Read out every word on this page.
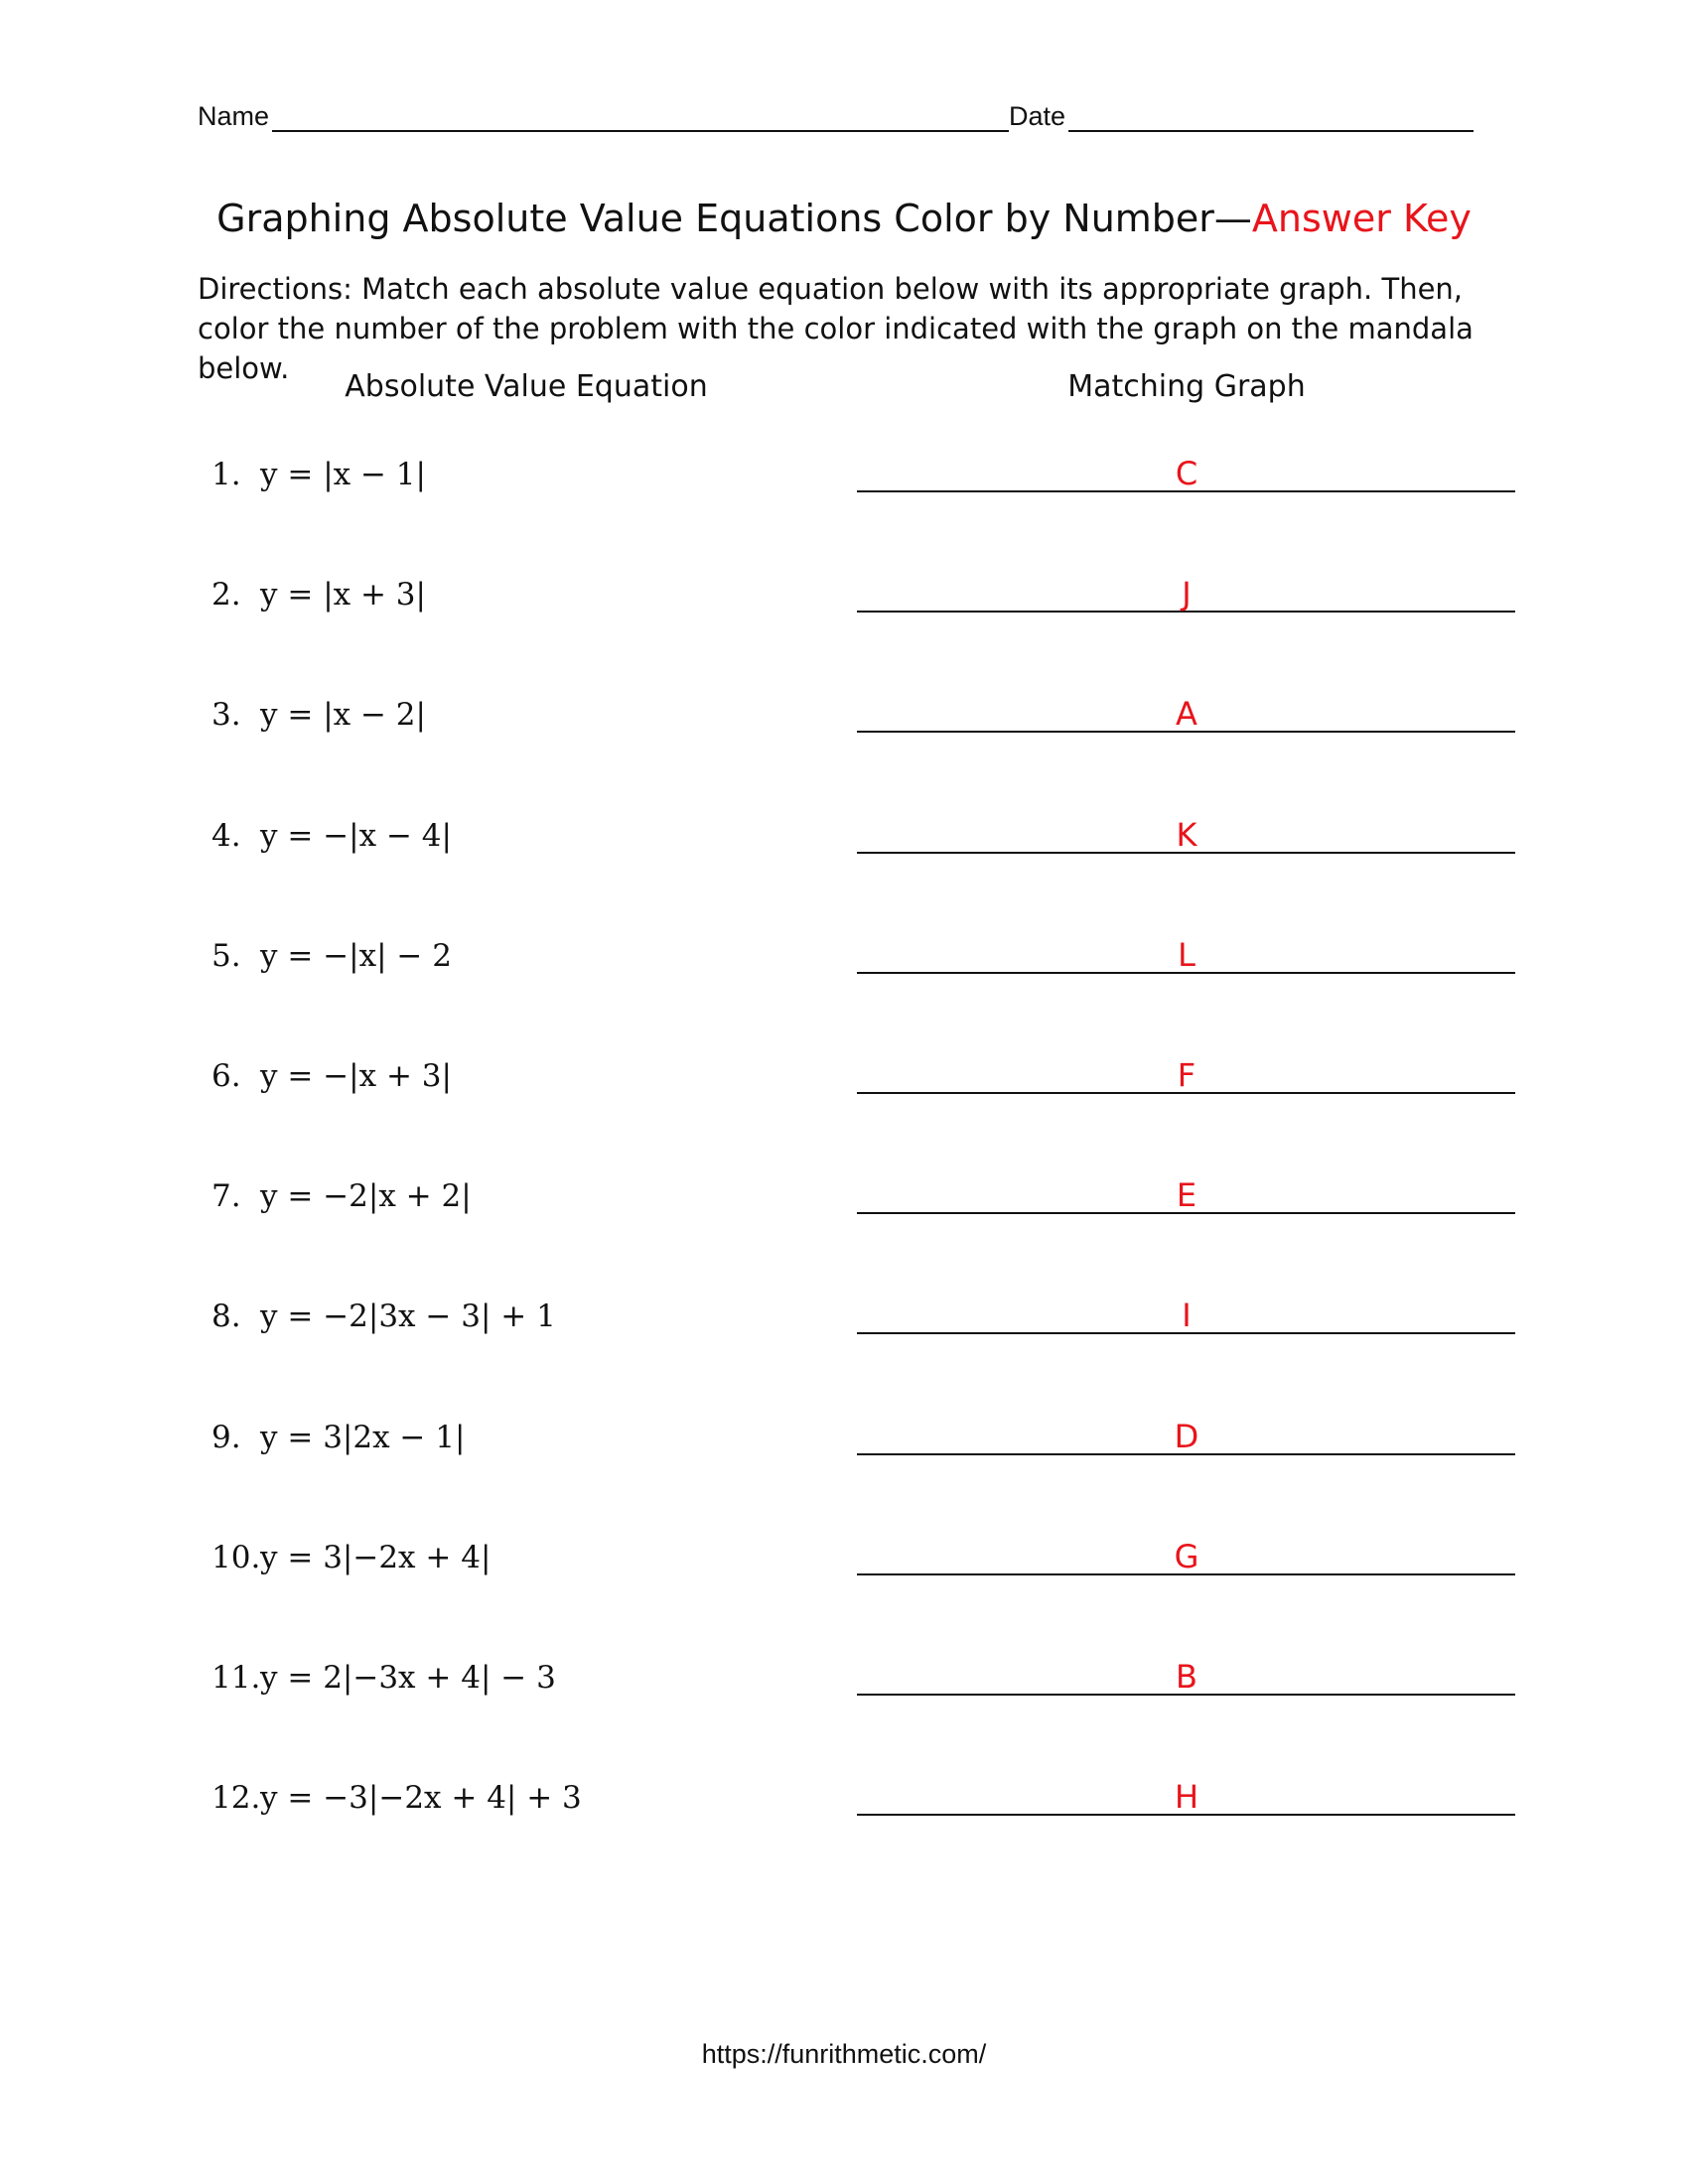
Name	Date
Graphing Absolute Value Equations Color by Number—Answer Key
Directions: Match each absolute value equation below with its appropriate graph. Then, color the number of the problem with the color indicated with the graph on the mandala below.
Absolute Value Equation	Matching Graph
1. y = |x − 1|	C
2. y = |x + 3|	J
3. y = |x − 2|	A
4. y = −|x − 4|	K
5. y = −|x| − 2	L
6. y = −|x + 3|	F
7. y = −2|x + 2|	E
8. y = −2|3x − 3| + 1	I
9. y = 3|2x − 1|	D
10. y = 3|−2x + 4|	G
11. y = 2|−3x + 4| − 3	B
12. y = −3|−2x + 4| + 3	H
https://funrithmetic.com/
